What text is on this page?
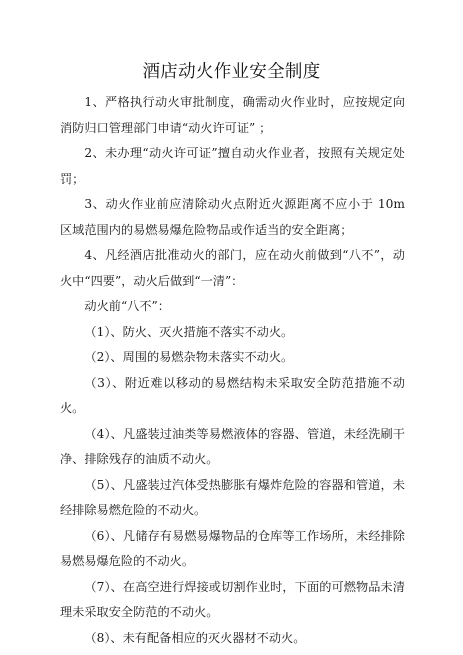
酒店动火作业安全制度

1、严格执行动火审批制度，确需动火作业时，应按规定向消防归口管理部门申请“动火许可证” ；

2、未办理“动火许可证”擅自动火作业者，按照有关规定处罚；

3、动火作业前应清除动火点附近火源距离不应小于 10m 区域范围内的易燃易爆危险物品或作适当的安全距离；

4、凡经酒店批准动火的部门，应在动火前做到“八不”，动火中“四要”，动火后做到“一清”：

动火前“八不”：

（1）、防火、灭火措施不落实不动火。

（2）、周围的易燃杂物未落实不动火。

（3）、附近难以移动的易燃结构未采取安全防范措施不动火。

（4）、凡盛装过油类等易燃液体的容器、管道，未经洗刷干净、排除残存的油质不动火。

（5）、凡盛装过汽体受热膨胀有爆炸危险的容器和管道，未经排除易燃危险的不动火。

（6）、凡储存有易燃易爆物品的仓库等工作场所，未经排除易燃易爆危险的不动火。

（7）、在高空进行焊接或切割作业时，下面的可燃物品未清理未采取安全防范的不动火。

（8）、未有配备相应的灭火器材不动火。
